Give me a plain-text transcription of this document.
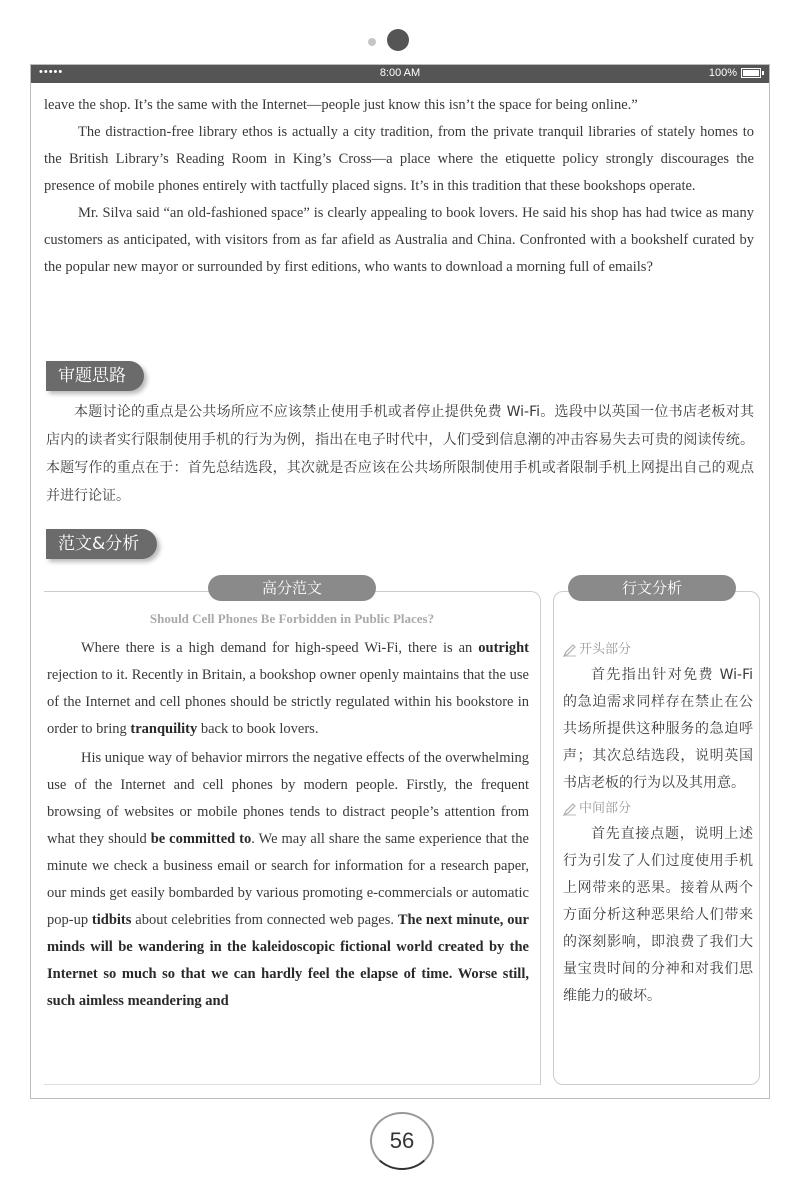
•••••	8:00 AM	100%

leave the shop. It’s the same with the Internet—people just know this isn’t the space for being online.”

The distraction-free library ethos is actually a city tradition, from the private tranquil libraries of stately homes to the British Library’s Reading Room in King’s Cross—a place where the etiquette policy strongly discourages the presence of mobile phones entirely with tactfully placed signs. It’s in this tradition that these bookshops operate.

Mr. Silva said “an old-fashioned space” is clearly appealing to book lovers. He said his shop has had twice as many customers as anticipated, with visitors from as far afield as Australia and China. Confronted with a bookshelf curated by the popular new mayor or surrounded by first editions, who wants to download a morning full of emails?

审题思路

本题讨论的重点是公共场所应不应该禁止使用手机或者停止提供免费 Wi-Fi。选段中以英国一位书店老板对其店内的读者实行限制使用手机的行为为例，指出在电子时代中，人们受到信息潮的冲击容易失去可贵的阅读传统。本题写作的重点在于：首先总结选段，其次就是否应该在公共场所限制使用手机或者限制手机上网提出自己的观点并进行论证。

范文&分析
高分范文
Should Cell Phones Be Forbidden in Public Places?

Where there is a high demand for high-speed Wi-Fi, there is an outright rejection to it. Recently in Britain, a bookshop owner openly maintains that the use of the Internet and cell phones should be strictly regulated within his bookstore in order to bring tranquility back to book lovers.

His unique way of behavior mirrors the negative effects of the overwhelming use of the Internet and cell phones by modern people. Firstly, the frequent browsing of websites or mobile phones tends to distract people’s attention from what they should be committed to. We may all share the same experience that the minute we check a business email or search for information for a research paper, our minds get easily bombarded by various promoting e-commercials or automatic pop-up tidbits about celebrities from connected web pages. The next minute, our minds will be wandering in the kaleidoscopic fictional world created by the Internet so much so that we can hardly feel the elapse of time. Worse still, such aimless meandering and

行文分析
开头部分

首先指出针对免费 Wi-Fi 的急迫需求同样存在禁止在公共场所提供这种服务的急迫呼声；其次总结选段，说明英国书店老板的行为以及其用意。

中间部分

首先直接点题，说明上述行为引发了人们过度使用手机上网带来的恶果。接着从两个方面分析这种恶果给人们带来的深刻影响，即浪费了我们大量宝贵时间的分神和对我们思维能力的破坏。

56
